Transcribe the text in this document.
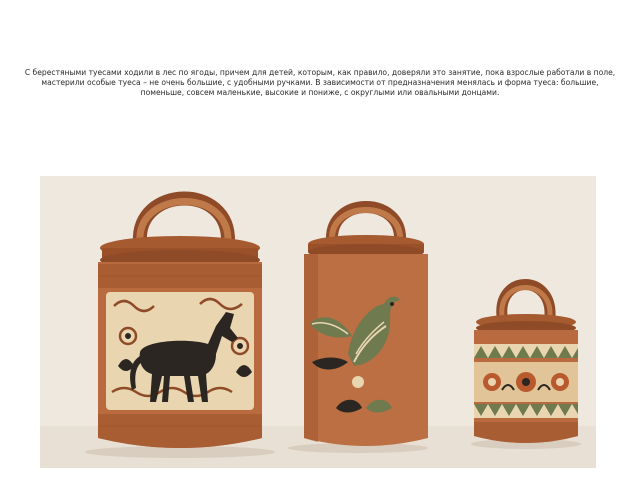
С берестяными туесами ходили в лес по ягоды, причем для детей, которым, как правило, доверяли это занятие, пока взрослые работали в поле, мастерили особые туеса – не очень большие, с удобными ручками. В зависимости от предназначения менялась и форма туеса: большие, поменьше, совсем маленькие, высокие и пониже, с округлыми или овальными донцами.
